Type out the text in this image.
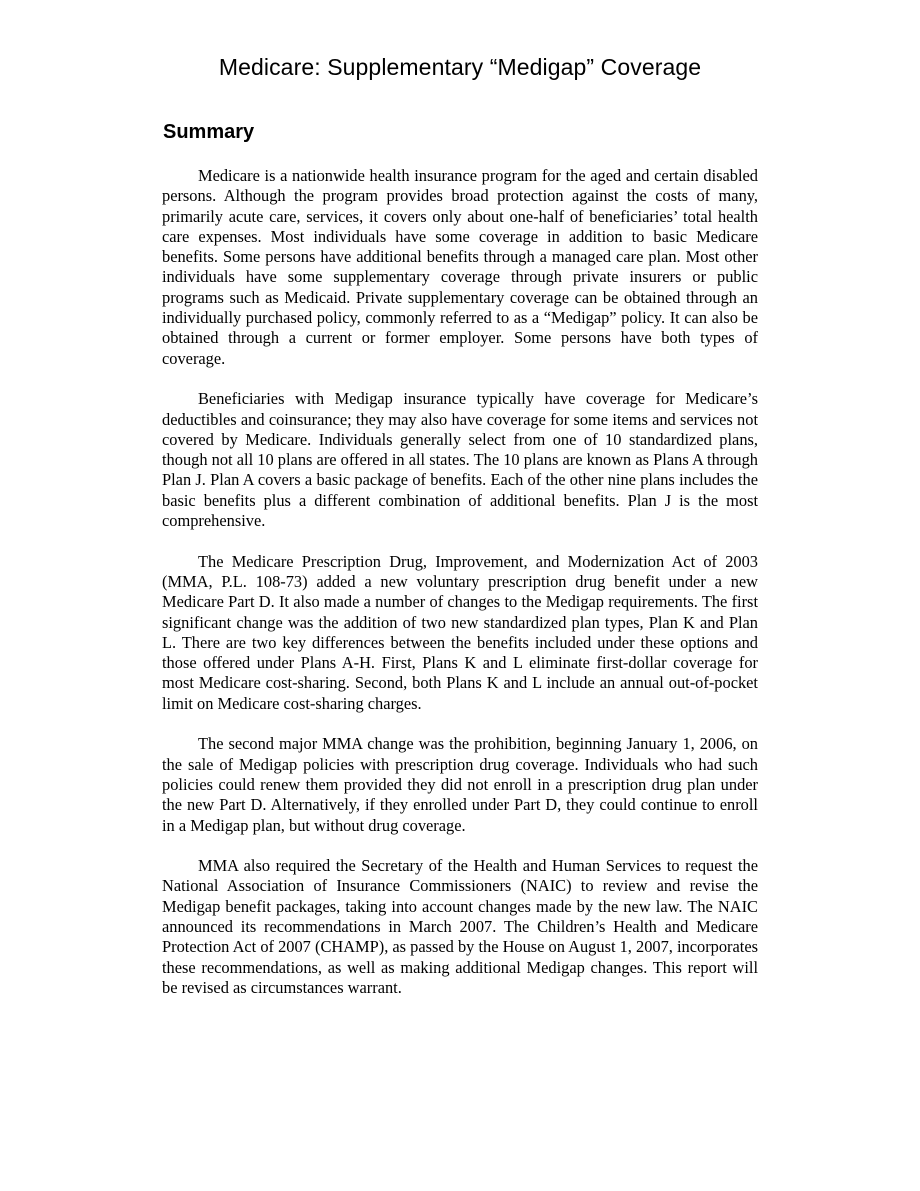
Medicare: Supplementary “Medigap” Coverage
Summary

Medicare is a nationwide health insurance program for the aged and certain disabled persons. Although the program provides broad protection against the costs of many, primarily acute care, services, it covers only about one-half of beneficiaries’ total health care expenses. Most individuals have some coverage in addition to basic Medicare benefits. Some persons have additional benefits through a managed care plan. Most other individuals have some supplementary coverage through private insurers or public programs such as Medicaid. Private supplementary coverage can be obtained through an individually purchased policy, commonly referred to as a “Medigap” policy. It can also be obtained through a current or former employer. Some persons have both types of coverage.

Beneficiaries with Medigap insurance typically have coverage for Medicare’s deductibles and coinsurance; they may also have coverage for some items and services not covered by Medicare. Individuals generally select from one of 10 standardized plans, though not all 10 plans are offered in all states. The 10 plans are known as Plans A through Plan J. Plan A covers a basic package of benefits. Each of the other nine plans includes the basic benefits plus a different combination of additional benefits. Plan J is the most comprehensive.

The Medicare Prescription Drug, Improvement, and Modernization Act of 2003 (MMA, P.L. 108-73) added a new voluntary prescription drug benefit under a new Medicare Part D. It also made a number of changes to the Medigap requirements. The first significant change was the addition of two new standardized plan types, Plan K and Plan L. There are two key differences between the benefits included under these options and those offered under Plans A-H. First, Plans K and L eliminate first-dollar coverage for most Medicare cost-sharing. Second, both Plans K and L include an annual out-of-pocket limit on Medicare cost-sharing charges.

The second major MMA change was the prohibition, beginning January 1, 2006, on the sale of Medigap policies with prescription drug coverage. Individuals who had such policies could renew them provided they did not enroll in a prescription drug plan under the new Part D. Alternatively, if they enrolled under Part D, they could continue to enroll in a Medigap plan, but without drug coverage.

MMA also required the Secretary of the Health and Human Services to request the National Association of Insurance Commissioners (NAIC) to review and revise the Medigap benefit packages, taking into account changes made by the new law. The NAIC announced its recommendations in March 2007. The Children’s Health and Medicare Protection Act of 2007 (CHAMP), as passed by the House on August 1, 2007, incorporates these recommendations, as well as making additional Medigap changes. This report will be revised as circumstances warrant.
